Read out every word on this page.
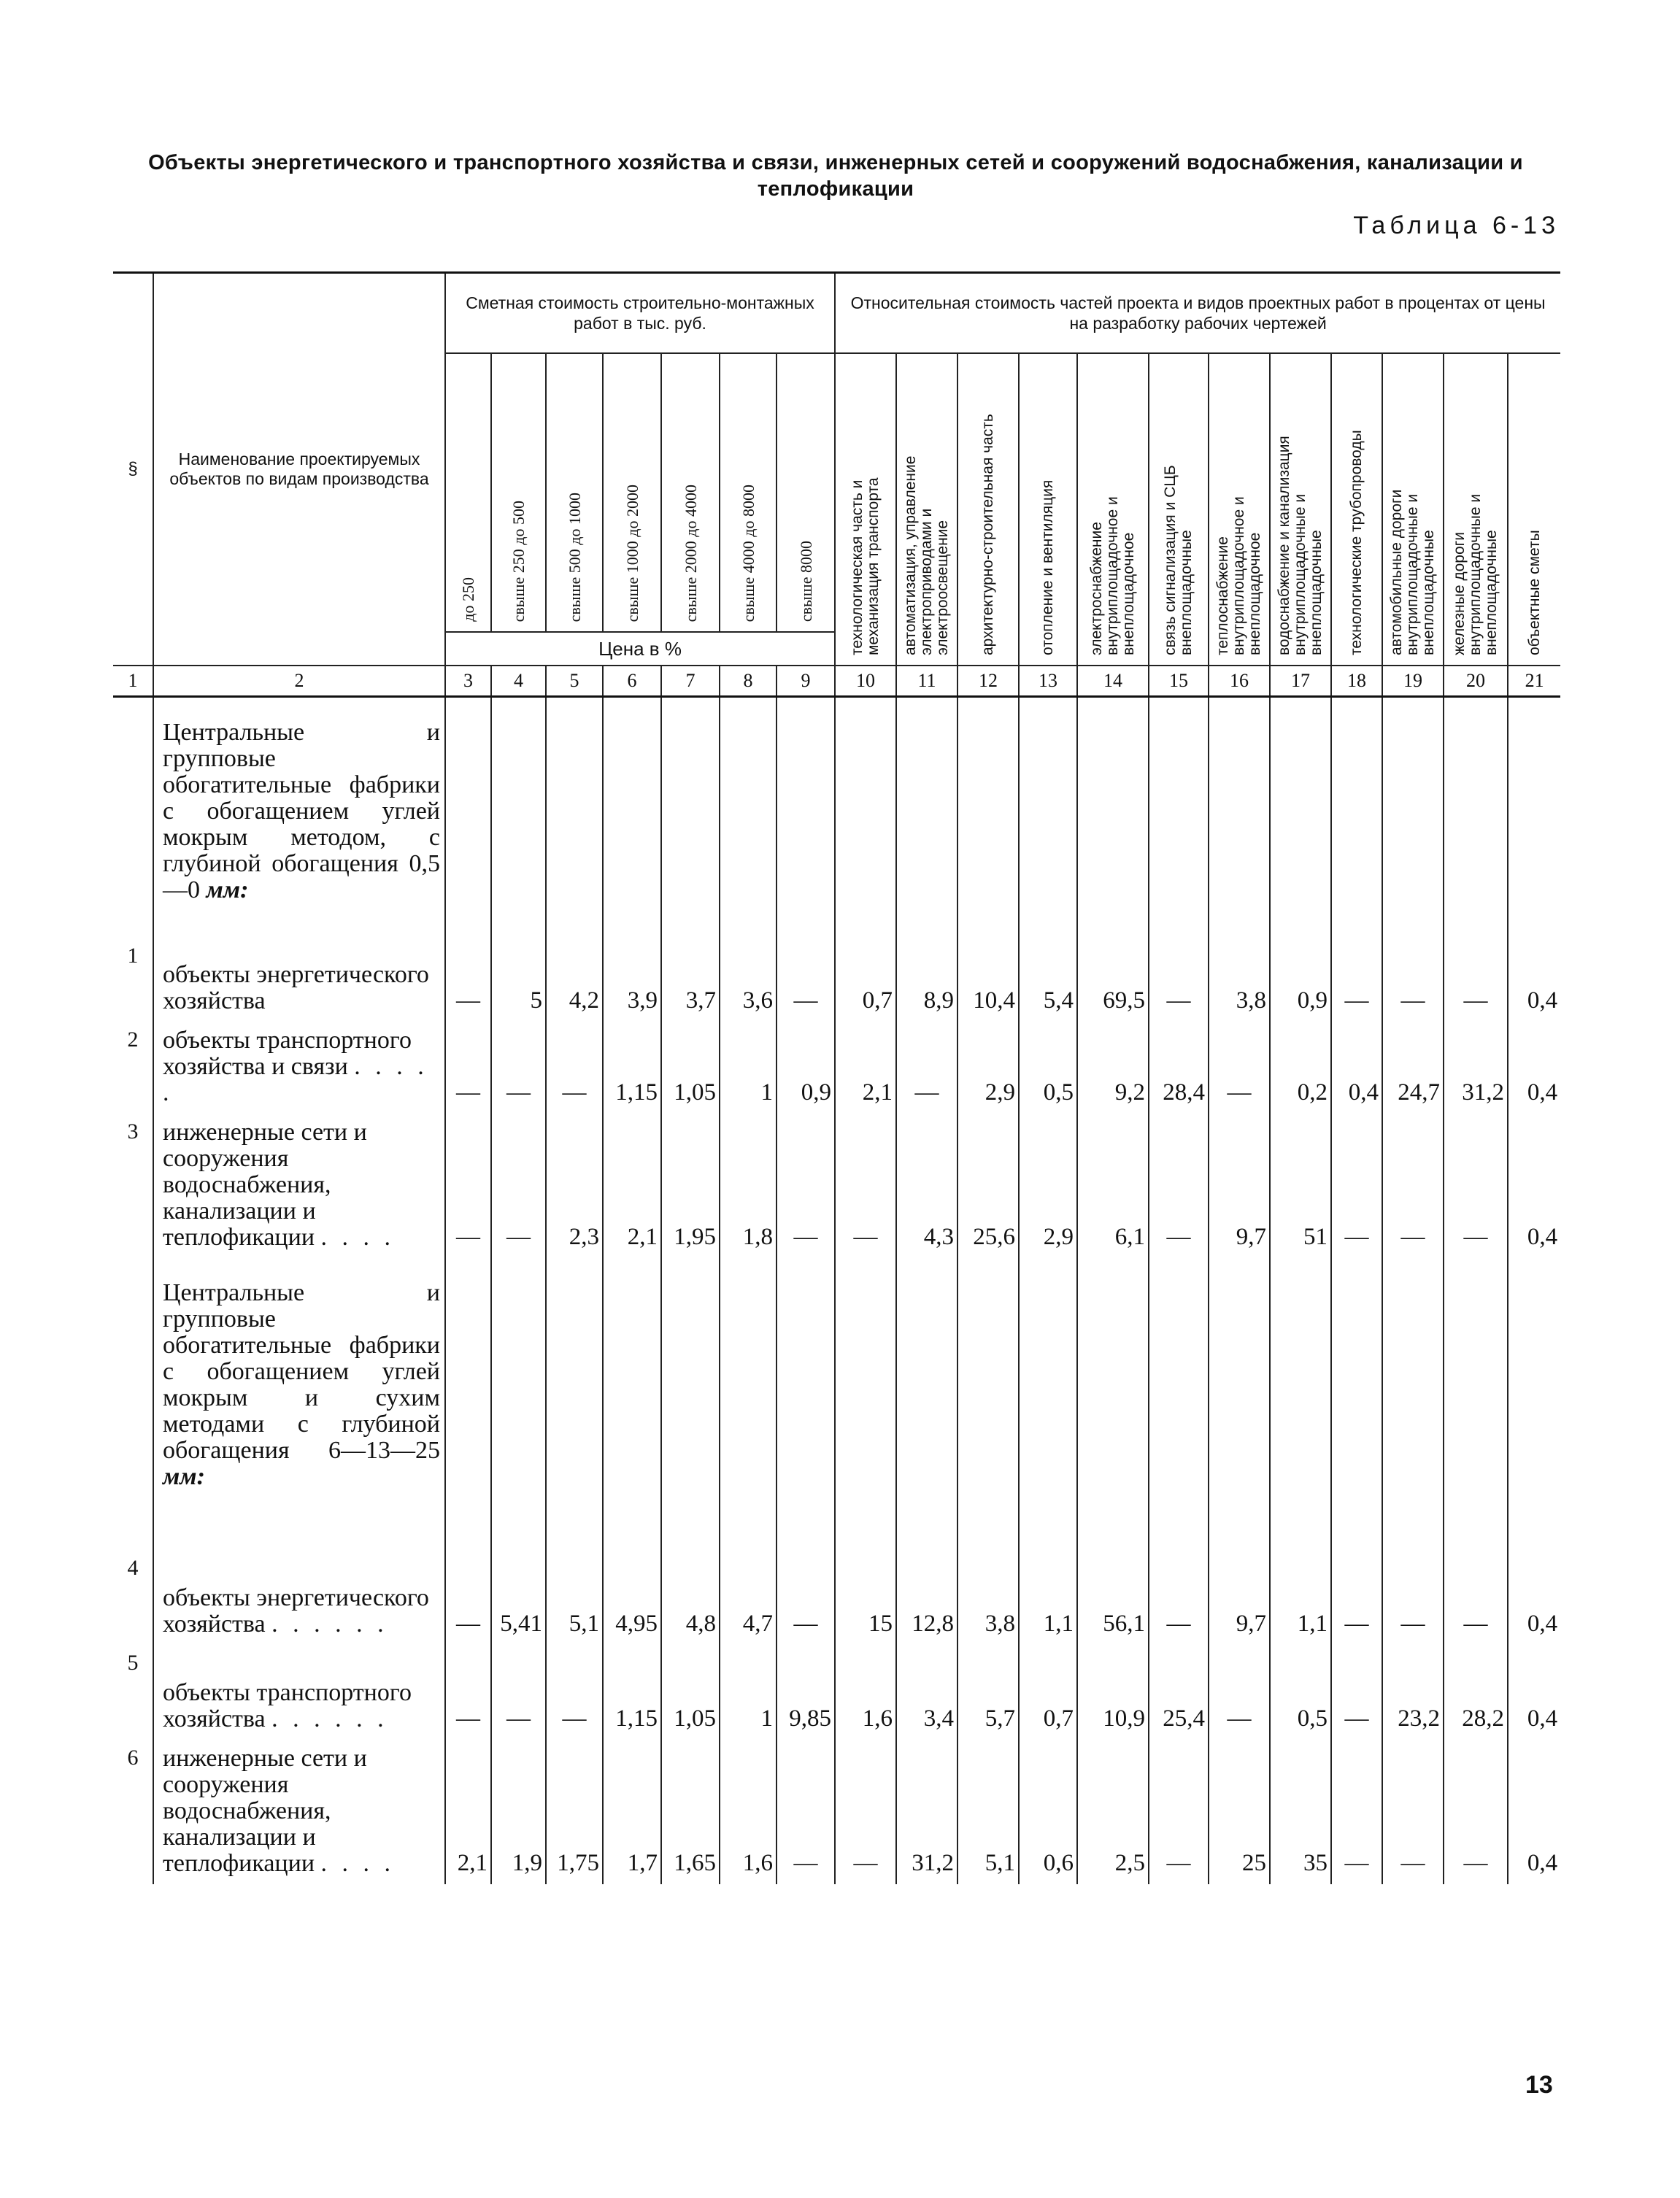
Объекты энергетического и транспортного хозяйства и связи, инженерных сетей и сооружений водоснабжения, канализации и теплофикации
Таблица 6-13
§	Наименование проектируемых объектов по видам производства	Сметная стоимость строительно-монтажных работ в тыс. руб.							Относительная стоимость частей проекта и видов проектных работ в процентах от цены на разработку рабочих чертежей											
		до 250	свыше 250 до 500	свыше 500 до 1000	свыше 1000 до 2000	свыше 2000 до 4000	свыше 4000 до 8000	свыше 8000	технологическая часть и механизация транспорта	автоматизация, управление электроприводами и электроосвещение	архитектурно-строительная часть	отопление и вентиляция	электроснабжение внутриплощадочное и внеплощадочное	связь сигнализация и СЦБ внеплощадочные	теплоснабжение внутриплощадочное и внеплощадочное	водоснабжение и канализация внутриплощадочные и внеплощадочные	технологические трубопроводы	автомобильные дороги внутриплощадочные и внеплощадочные	железные дороги внутриплощадочные и внеплощадочные	объектные сметы
		Цена в %																		
1	2	3	4	5	6	7	8	9	10	11	12	13	14	15	16	17	18	19	20	21
	Центральные и групповые обогатительные фабрики с обогащением углей мокрым методом, с глубиной обогащения 0,5—0 мм:																			
1	объекты энергетического хозяйства	—	5	4,2	3,9	3,7	3,6	—	0,7	8,9	10,4	5,4	69,5	—	3,8	0,9	—	—	—	0,4
2	объекты транспортного хозяйства и связи . . . . .	—	—	—	1,15	1,05	1	0,9	2,1	—	2,9	0,5	9,2	28,4	—	0,2	0,4	24,7	31,2	0,4
3	инженерные сети и сооружения водоснабжения, канализации и теплофикации . . . .	—	—	2,3	2,1	1,95	1,8	—	—	4,3	25,6	2,9	6,1	—	9,7	51	—	—	—	0,4
	Центральные и групповые обогатительные фабрики с обогащением углей мокрым и сухим методами с глубиной обогащения 6—13—25 мм:																			
4	объекты энергетического хозяйства . . . . . .	—	5,41	5,1	4,95	4,8	4,7	—	15	12,8	3,8	1,1	56,1	—	9,7	1,1	—	—	—	0,4
5	объекты транспортного хозяйства . . . . . .	—	—	—	1,15	1,05	1	9,85	1,6	3,4	5,7	0,7	10,9	25,4	—	0,5	—	23,2	28,2	0,4
6	инженерные сети и сооружения водоснабжения, канализации и теплофикации . . . .	2,1	1,9	1,75	1,7	1,65	1,6	—	—	31,2	5,1	0,6	2,5	—	25	35	—	—	—	0,4
13
